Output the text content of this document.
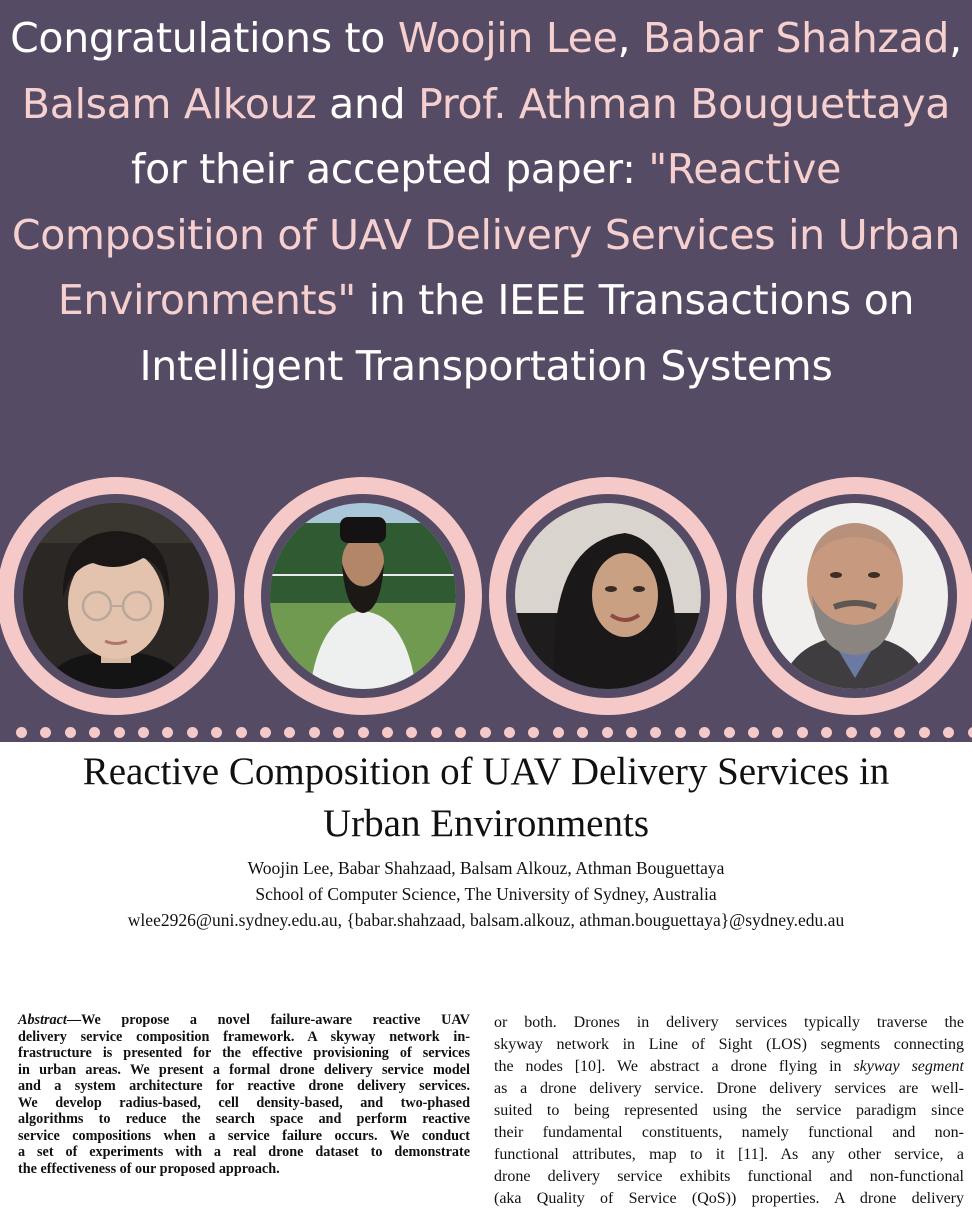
Congratulations to Woojin Lee, Babar Shahzad, Balsam Alkouz and Prof. Athman Bouguettaya for their accepted paper: "Reactive Composition of UAV Delivery Services in Urban Environments" in the IEEE Transactions on Intelligent Transportation Systems
Reactive Composition of UAV Delivery Services in
Urban Environments
Woojin Lee, Babar Shahzaad, Balsam Alkouz, Athman Bouguettaya
School of Computer Science, The University of Sydney, Australia
wlee2926@uni.sydney.edu.au, {babar.shahzaad, balsam.alkouz, athman.bouguettaya}@sydney.edu.au
Abstract—We propose a novel failure-aware reactive UAV
delivery service composition framework. A skyway network in-
frastructure is presented for the effective provisioning of services
in urban areas. We present a formal drone delivery service model
and a system architecture for reactive drone delivery services.
We develop radius-based, cell density-based, and two-phased
algorithms to reduce the search space and perform reactive
service compositions when a service failure occurs. We conduct
a set of experiments with a real drone dataset to demonstrate
the effectiveness of our proposed approach.
or both. Drones in delivery services typically traverse the
skyway network in Line of Sight (LOS) segments connecting
the nodes [10]. We abstract a drone flying in skyway segment
as a drone delivery service. Drone delivery services are well-
suited to being represented using the service paradigm since
their fundamental constituents, namely functional and non-
functional attributes, map to it [11]. As any other service, a
drone delivery service exhibits functional and non-functional
(aka Quality of Service (QoS)) properties. A drone delivery
